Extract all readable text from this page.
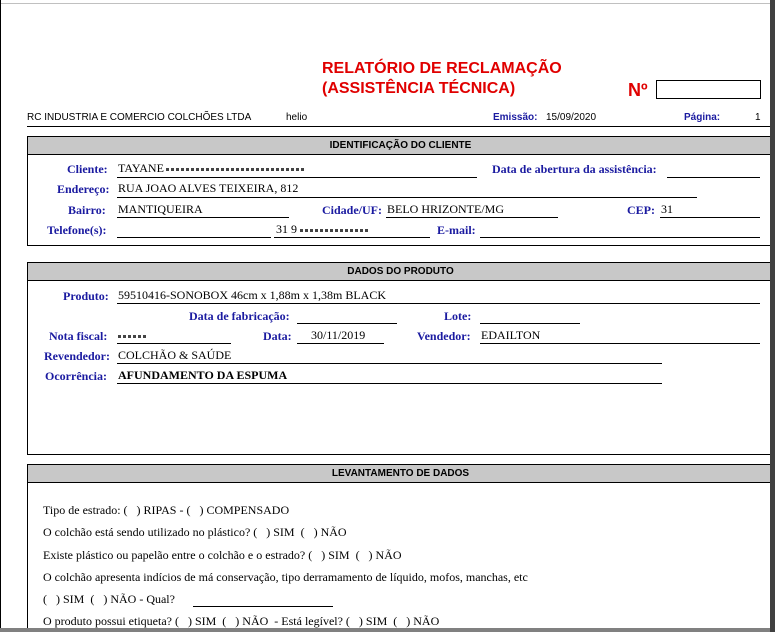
RELATÓRIO DE RECLAMAÇÃO
(ASSISTÊNCIA TÉCNICA)	Nº
RC INDUSTRIA E COMERCIO COLCHÕES LTDA	helio	Emissão: 15/09/2020	Página:	1
IDENTIFICAÇÃO DO CLIENTE
Cliente: TAYANE	Data de abertura da assistência:
Endereço: RUA JOAO ALVES TEIXEIRA, 812
Bairro: MANTIQUEIRA	Cidade/UF: BELO HRIZONTE/MG	CEP: 31
Telefone(s):	31 9	E-mail:
DADOS DO PRODUTO
Produto: 59510416-SONOBOX 46cm x 1,88m x 1,38m BLACK
Data de fabricação:	Lote:
Nota fiscal:	Data: 30/11/2019	Vendedor: EDAILTON
Revendedor: COLCHÃO & SAÚDE
Ocorrência: AFUNDAMENTO DA ESPUMA
LEVANTAMENTO DE DADOS
Tipo de estrado: (   ) RIPAS - (   ) COMPENSADO
O colchão está sendo utilizado no plástico? (   ) SIM  (   ) NÃO
Existe plástico ou papelão entre o colchão e o estrado? (   ) SIM  (   ) NÃO
O colchão apresenta indícios de má conservação, tipo derramamento de líquido, mofos, manchas, etc
(   ) SIM  (   ) NÃO - Qual?
O produto possui etiqueta? (   ) SIM  (   ) NÃO  - Está legível? (   ) SIM  (   ) NÃO
